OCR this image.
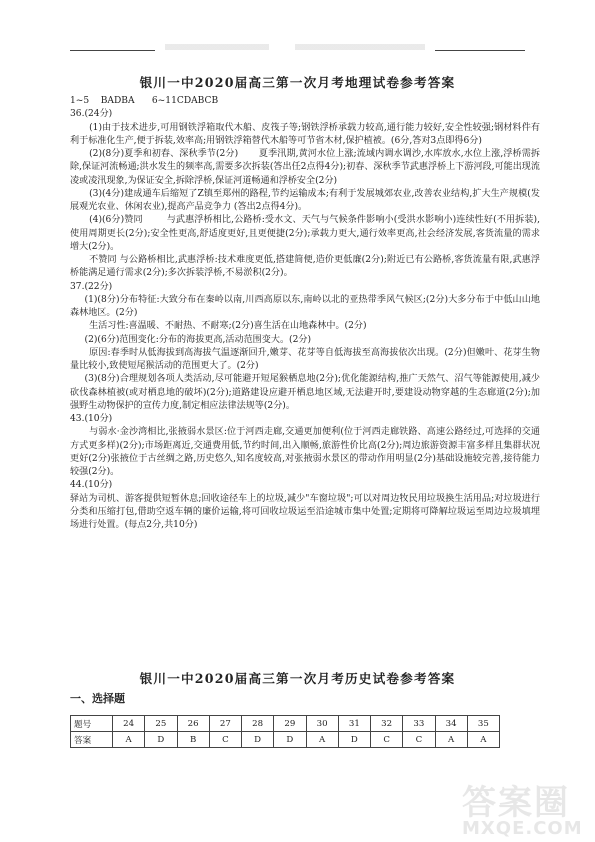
银川一中2020届高三第一次月考地理试卷参考答案

1~5    BADBA      6~11CDABCB

36.(24分)

(1)由于技术进步,可用钢铁浮箱取代木船、皮筏子等;钢铁浮桥承载力较高,通行能力较好,安全性较强;钢材料件有利于标准化生产,便于拆装,效率高;用钢铁浮箱替代木船等可节省木材,保护植被。(6分,答对3点即得6分)

(2)(8分)夏季和初春、深秋季节(2分)       夏季汛期,黄河水位上涨;流域内调水调沙,水库放水,水位上涨,浮桥需拆除,保证河流畅通;洪水发生的频率高,需要多次拆装(答出任2点得4分);初春、深秋季节武惠浮桥上下游河段,可能出现流凌或凌汛现象,为保证安全,拆除浮桥,保证河道畅通和浮桥安全(2分)

(3)(4分)建成通车后缩短了Z镇至郑州的路程,节约运输成本;有利于发展城郊农业,改善农业结构,扩大生产规模(发展观光农业、休闲农业),提高产品竞争力 (答出2点得4分)。

(4)(6分)赞同        与武惠浮桥相比,公路桥:受水文、天气与气候条件影响小(受洪水影响小)连续性好(不用拆装),使用周期更长(2分);安全性更高,舒适度更好,且更便捷(2分);承载力更大,通行效率更高,社会经济发展,客货流量的需求增大(2分)。

不赞同 与公路桥相比,武惠浮桥:技术难度更低,搭建简便,造价更低廉(2分);附近已有公路桥,客货流量有限,武惠浮桥能满足通行需求(2分);多次拆装浮桥,不易淤积(2分)。

37.(22分)

(1)(8分)分布特征:大致分布在秦岭以南,川西高原以东,南岭以北的亚热带季风气候区;(2分)大多分布于中低山山地森林地区。(2分)

生活习性:喜温暖、不耐热、不耐寒;(2分)喜生活在山地森林中。(2分)

(2)(6分)范围变化:分布的海拔更高,活动范围变大。(2分)

原因:春季时从低海拔到高海拔气温逐渐回升,嫩芽、花芽等自低海拔至高海拔依次出现。(2分)但嫩叶、花芽生物量比较小,致使短尾猴活动的范围更大了。(2分)

(3)(8分)合理规划各项人类活动,尽可能避开短尾猴栖息地(2分);优化能源结构,推广天然气、沼气等能源使用,减少砍伐森林植被(或对栖息地的破坏)(2分);道路建设应避开栖息地区域,无法避开时,要建设动物穿越的生态廊道(2分);加强野生动物保护的宣传力度,制定相应法律法规等(2分)。

43.(10分)

与弱水·金沙湾相比,张掖弱水景区:位于河西走廊,交通更加便利(位于河西走廊铁路、高速公路经过,可选择的交通方式更多样)(2分);市场距离近,交通费用低,节约时间,出入顺畅,旅游性价比高(2分);周边旅游资源丰富多样且集群状况更好(2分)张掖位于古丝绸之路,历史悠久,知名度较高,对张掖弱水景区的带动作用明显(2分)基础设施较完善,接待能力较强(2分)。

44.(10分)

驿站为司机、游客提供短暂休息;回收途径车上的垃圾,减少"车窗垃圾";可以对周边牧民用垃圾换生活用品;对垃圾进行分类和压缩打包,借助空返车辆的廉价运输,将可回收垃圾运至沿途城市集中处置;定期将可降解垃圾运至周边垃圾填埋场进行处置。(每点2分,共10分)

银川一中2020届高三第一次月考历史试卷参考答案
一、选择题
题号	24	25	26	27	28	29	30	31	32	33	34	35
答案	A	D	B	C	D	D	A	D	C	C	A	A
答案圈
MXQE.COM
